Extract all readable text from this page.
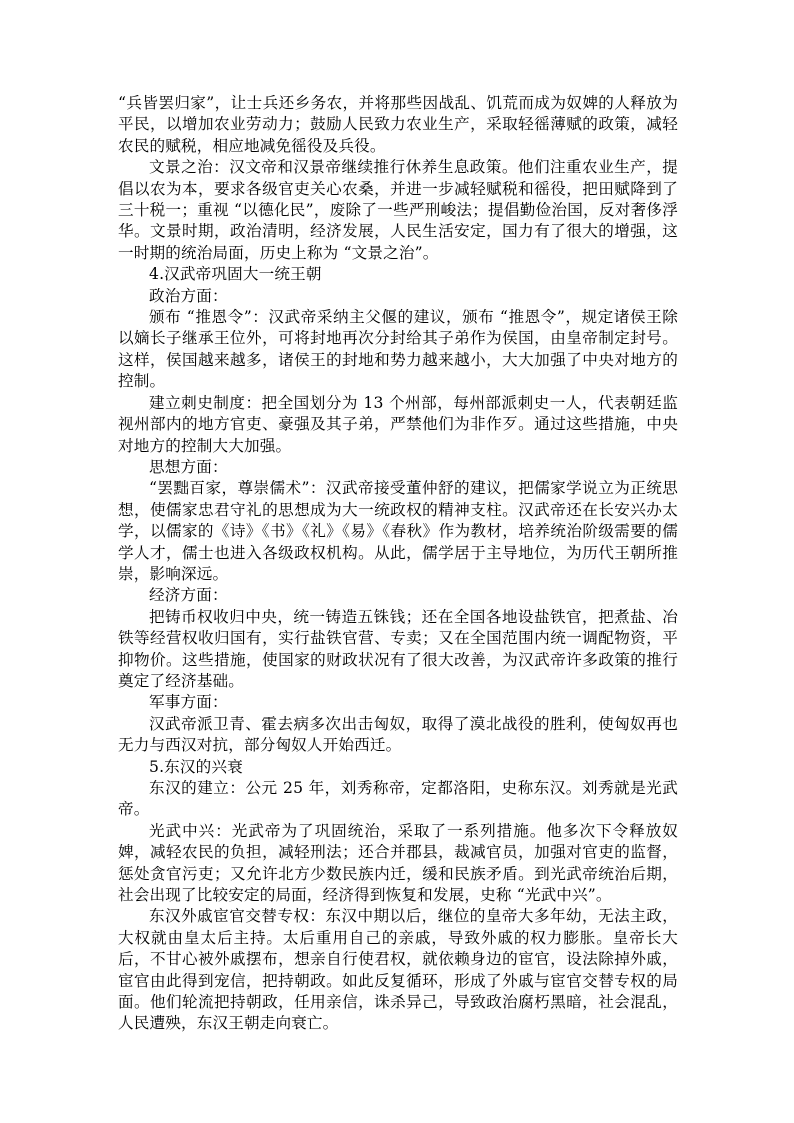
“兵皆罢归家”，让士兵还乡务农，并将那些因战乱、饥荒而成为奴婢的人释放为平民，以增加农业劳动力；鼓励人民致力农业生产，采取轻徭薄赋的政策，减轻农民的赋税，相应地减免徭役及兵役。

文景之治：汉文帝和汉景帝继续推行休养生息政策。他们注重农业生产，提倡以农为本，要求各级官吏关心农桑，并进一步减轻赋税和徭役，把田赋降到了三十税一；重视 “以德化民”，废除了一些严刑峻法；提倡勤俭治国，反对奢侈浮华。文景时期，政治清明，经济发展，人民生活安定，国力有了很大的增强，这一时期的统治局面，历史上称为 “文景之治”。

4.汉武帝巩固大一统王朝

政治方面：

颁布 “推恩令”：汉武帝采纳主父偃的建议，颁布 “推恩令”，规定诸侯王除以嫡长子继承王位外，可将封地再次分封给其子弟作为侯国，由皇帝制定封号。这样，侯国越来越多，诸侯王的封地和势力越来越小，大大加强了中央对地方的控制。

建立刺史制度：把全国划分为 13 个州部，每州部派刺史一人，代表朝廷监视州部内的地方官吏、豪强及其子弟，严禁他们为非作歹。通过这些措施，中央对地方的控制大大加强。

思想方面：

“罢黜百家，尊崇儒术”：汉武帝接受董仲舒的建议，把儒家学说立为正统思想，使儒家忠君守礼的思想成为大一统政权的精神支柱。汉武帝还在长安兴办太学，以儒家的《诗》《书》《礼》《易》《春秋》作为教材，培养统治阶级需要的儒学人才，儒士也进入各级政权机构。从此，儒学居于主导地位，为历代王朝所推崇，影响深远。

经济方面：

把铸币权收归中央，统一铸造五铢钱；还在全国各地设盐铁官，把煮盐、冶铁等经营权收归国有，实行盐铁官营、专卖；又在全国范围内统一调配物资，平抑物价。这些措施，使国家的财政状况有了很大改善，为汉武帝许多政策的推行奠定了经济基础。

军事方面：

汉武帝派卫青、霍去病多次出击匈奴，取得了漠北战役的胜利，使匈奴再也无力与西汉对抗，部分匈奴人开始西迁。

5.东汉的兴衰

东汉的建立：公元 25 年，刘秀称帝，定都洛阳，史称东汉。刘秀就是光武帝。

光武中兴：光武帝为了巩固统治，采取了一系列措施。他多次下令释放奴婢，减轻农民的负担，减轻刑法；还合并郡县，裁减官员，加强对官吏的监督，惩处贪官污吏；又允许北方少数民族内迁，缓和民族矛盾。到光武帝统治后期，社会出现了比较安定的局面，经济得到恢复和发展，史称 “光武中兴”。

东汉外戚宦官交替专权：东汉中期以后，继位的皇帝大多年幼，无法主政，大权就由皇太后主持。太后重用自己的亲戚，导致外戚的权力膨胀。皇帝长大后，不甘心被外戚摆布，想亲自行使君权，就依赖身边的宦官，设法除掉外戚，宦官由此得到宠信，把持朝政。如此反复循环，形成了外戚与宦官交替专权的局面。他们轮流把持朝政，任用亲信，诛杀异己，导致政治腐朽黑暗，社会混乱，人民遭殃，东汉王朝走向衰亡。
